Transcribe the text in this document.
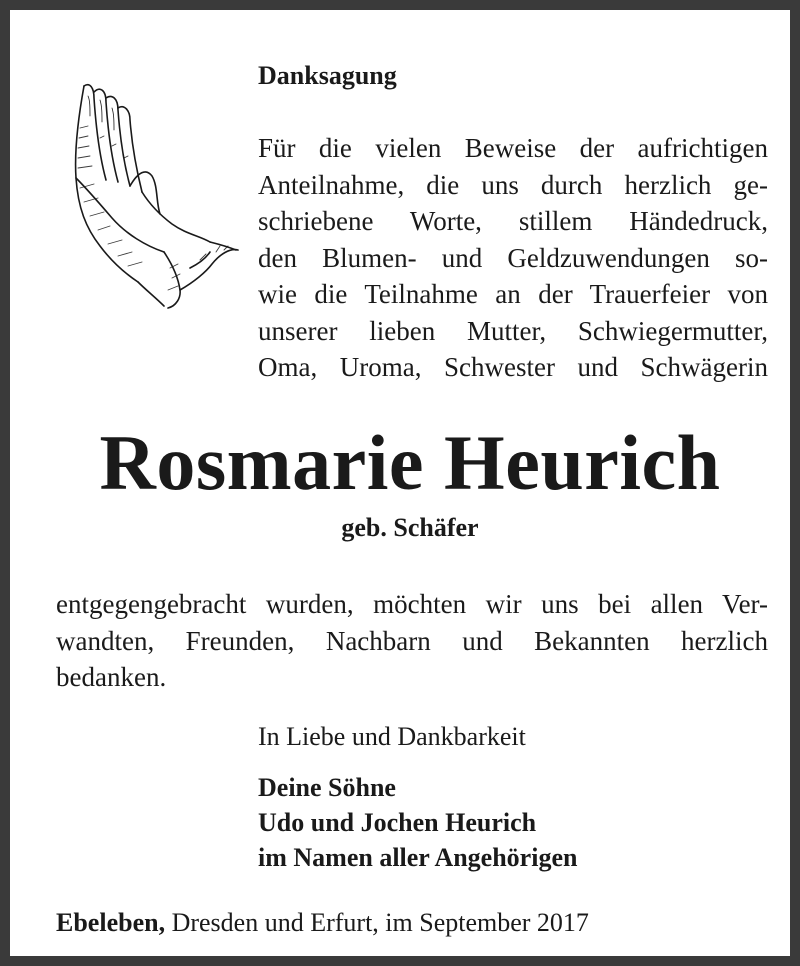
Danksagung
Für die vielen Beweise der aufrichtigen
Anteilnahme, die uns durch herzlich ge-
schriebene Worte, stillem Händedruck,
den Blumen- und Geldzuwendungen so-
wie die Teilnahme an der Trauerfeier von
unserer lieben Mutter, Schwiegermutter,
Oma, Uroma, Schwester und Schwägerin
Rosmarie Heurich
geb. Schäfer
entgegengebracht wurden, möchten wir uns bei allen Ver-
wandten, Freunden, Nachbarn und Bekannten herzlich
bedanken.
In Liebe und Dankbarkeit
Deine Söhne
Udo und Jochen Heurich
im Namen aller Angehörigen
Ebeleben, Dresden und Erfurt, im September 2017
